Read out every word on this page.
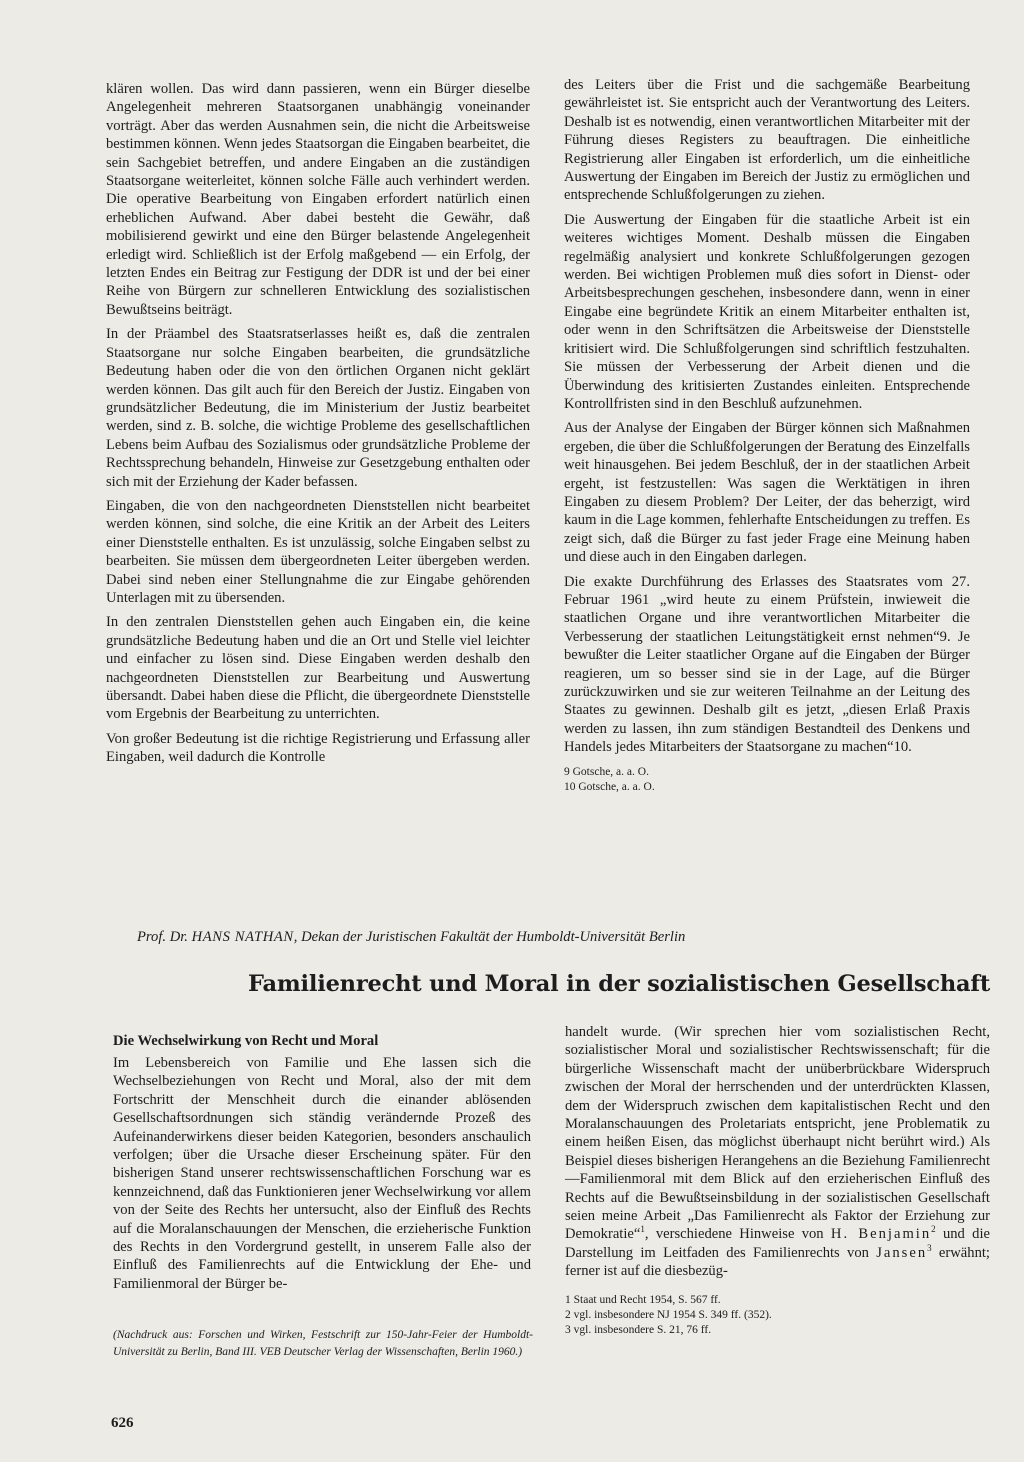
klären wollen. Das wird dann passieren, wenn ein Bürger dieselbe Angelegenheit mehreren Staatsorganen unabhängig voneinander vorträgt. Aber das werden Ausnahmen sein, die nicht die Arbeitsweise bestimmen können. Wenn jedes Staatsorgan die Eingaben bearbeitet, die sein Sachgebiet betreffen, und andere Eingaben an die zuständigen Staatsorgane weiterleitet, können solche Fälle auch verhindert werden. Die operative Bearbeitung von Eingaben erfordert natürlich einen erheblichen Aufwand. Aber dabei besteht die Gewähr, daß mobilisierend gewirkt und eine den Bürger belastende Angelegenheit erledigt wird. Schließlich ist der Erfolg maßgebend — ein Erfolg, der letzten Endes ein Beitrag zur Festigung der DDR ist und der bei einer Reihe von Bürgern zur schnelleren Entwicklung des sozialistischen Bewußtseins beiträgt.

In der Präambel des Staatsratserlasses heißt es, daß die zentralen Staatsorgane nur solche Eingaben bearbeiten, die grundsätzliche Bedeutung haben oder die von den örtlichen Organen nicht geklärt werden können. Das gilt auch für den Bereich der Justiz. Eingaben von grundsätzlicher Bedeutung, die im Ministerium der Justiz bearbeitet werden, sind z. B. solche, die wichtige Probleme des gesellschaftlichen Lebens beim Aufbau des Sozialismus oder grundsätzliche Probleme der Rechtssprechung behandeln, Hinweise zur Gesetzgebung enthalten oder sich mit der Erziehung der Kader befassen.

Eingaben, die von den nachgeordneten Dienststellen nicht bearbeitet werden können, sind solche, die eine Kritik an der Arbeit des Leiters einer Dienststelle enthalten. Es ist unzulässig, solche Eingaben selbst zu bearbeiten. Sie müssen dem übergeordneten Leiter übergeben werden. Dabei sind neben einer Stellungnahme die zur Eingabe gehörenden Unterlagen mit zu übersenden.

In den zentralen Dienststellen gehen auch Eingaben ein, die keine grundsätzliche Bedeutung haben und die an Ort und Stelle viel leichter und einfacher zu lösen sind. Diese Eingaben werden deshalb den nachgeordneten Dienststellen zur Bearbeitung und Auswertung übersandt. Dabei haben diese die Pflicht, die übergeordnete Dienststelle vom Ergebnis der Bearbeitung zu unterrichten.

Von großer Bedeutung ist die richtige Registrierung und Erfassung aller Eingaben, weil dadurch die Kontrolle

des Leiters über die Frist und die sachgemäße Bearbeitung gewährleistet ist. Sie entspricht auch der Verantwortung des Leiters. Deshalb ist es notwendig, einen verantwortlichen Mitarbeiter mit der Führung dieses Registers zu beauftragen. Die einheitliche Registrierung aller Eingaben ist erforderlich, um die einheitliche Auswertung der Eingaben im Bereich der Justiz zu ermöglichen und entsprechende Schlußfolgerungen zu ziehen.

Die Auswertung der Eingaben für die staatliche Arbeit ist ein weiteres wichtiges Moment. Deshalb müssen die Eingaben regelmäßig analysiert und konkrete Schlußfolgerungen gezogen werden. Bei wichtigen Problemen muß dies sofort in Dienst- oder Arbeitsbesprechungen geschehen, insbesondere dann, wenn in einer Eingabe eine begründete Kritik an einem Mitarbeiter enthalten ist, oder wenn in den Schriftsätzen die Arbeitsweise der Dienststelle kritisiert wird. Die Schlußfolgerungen sind schriftlich festzuhalten. Sie müssen der Verbesserung der Arbeit dienen und die Überwindung des kritisierten Zustandes einleiten. Entsprechende Kontrollfristen sind in den Beschluß aufzunehmen.

Aus der Analyse der Eingaben der Bürger können sich Maßnahmen ergeben, die über die Schlußfolgerungen der Beratung des Einzelfalls weit hinausgehen. Bei jedem Beschluß, der in der staatlichen Arbeit ergeht, ist festzustellen: Was sagen die Werktätigen in ihren Eingaben zu diesem Problem? Der Leiter, der das beherzigt, wird kaum in die Lage kommen, fehlerhafte Entscheidungen zu treffen. Es zeigt sich, daß die Bürger zu fast jeder Frage eine Meinung haben und diese auch in den Eingaben darlegen.

Die exakte Durchführung des Erlasses des Staatsrates vom 27. Februar 1961 „wird heute zu einem Prüfstein, inwieweit die staatlichen Organe und ihre verantwortlichen Mitarbeiter die Verbesserung der staatlichen Leitungstätigkeit ernst nehmen“9. Je bewußter die Leiter staatlicher Organe auf die Eingaben der Bürger reagieren, um so besser sind sie in der Lage, auf die Bürger zurückzuwirken und sie zur weiteren Teilnahme an der Leitung des Staates zu gewinnen. Deshalb gilt es jetzt, „diesen Erlaß Praxis werden zu lassen, ihn zum ständigen Bestandteil des Denkens und Handels jedes Mitarbeiters der Staatsorgane zu machen“10.

9 Gotsche, a. a. O.
10 Gotsche, a. a. O.
Prof. Dr. HANS NATHAN, Dekan der Juristischen Fakultät der Humboldt-Universität Berlin
Familienrecht und Moral in der sozialistischen Gesellschaft
Die Wechselwirkung von Recht und Moral

Im Lebensbereich von Familie und Ehe lassen sich die Wechselbeziehungen von Recht und Moral, also der mit dem Fortschritt der Menschheit durch die einander ablösenden Gesellschaftsordnungen sich ständig verändernde Prozeß des Aufeinanderwirkens dieser beiden Kategorien, besonders anschaulich verfolgen; über die Ursache dieser Erscheinung später. Für den bisherigen Stand unserer rechtswissenschaftlichen Forschung war es kennzeichnend, daß das Funktionieren jener Wechselwirkung vor allem von der Seite des Rechts her untersucht, also der Einfluß des Rechts auf die Moralanschauungen der Menschen, die erzieherische Funktion des Rechts in den Vordergrund gestellt, in unserem Falle also der Einfluß des Familienrechts auf die Entwicklung der Ehe- und Familienmoral der Bürger be-

(Nachdruck aus: Forschen und Wirken, Festschrift zur 150-Jahr-Feier der Humboldt-Universität zu Berlin, Band III. VEB Deutscher Verlag der Wissenschaften, Berlin 1960.)

handelt wurde. (Wir sprechen hier vom sozialistischen Recht, sozialistischer Moral und sozialistischer Rechtswissenschaft; für die bürgerliche Wissenschaft macht der unüberbrückbare Widerspruch zwischen der Moral der herrschenden und der unterdrückten Klassen, dem der Widerspruch zwischen dem kapitalistischen Recht und den Moralanschauungen des Proletariats entspricht, jene Problematik zu einem heißen Eisen, das möglichst überhaupt nicht berührt wird.) Als Beispiel dieses bisherigen Herangehens an die Beziehung Familienrecht—Familienmoral mit dem Blick auf den erzieherischen Einfluß des Rechts auf die Bewußtseinsbildung in der sozialistischen Gesellschaft seien meine Arbeit „Das Familienrecht als Faktor der Erziehung zur Demokratie“$^1$, verschiedene Hinweise von H. Benjamin$^2$ und die Darstellung im Leitfaden des Familienrechts von Jansen$^3$ erwähnt; ferner ist auf die diesbezüg-

1 Staat und Recht 1954, S. 567 ff.
2 vgl. insbesondere NJ 1954 S. 349 ff. (352).
3 vgl. insbesondere S. 21, 76 ff.
626
